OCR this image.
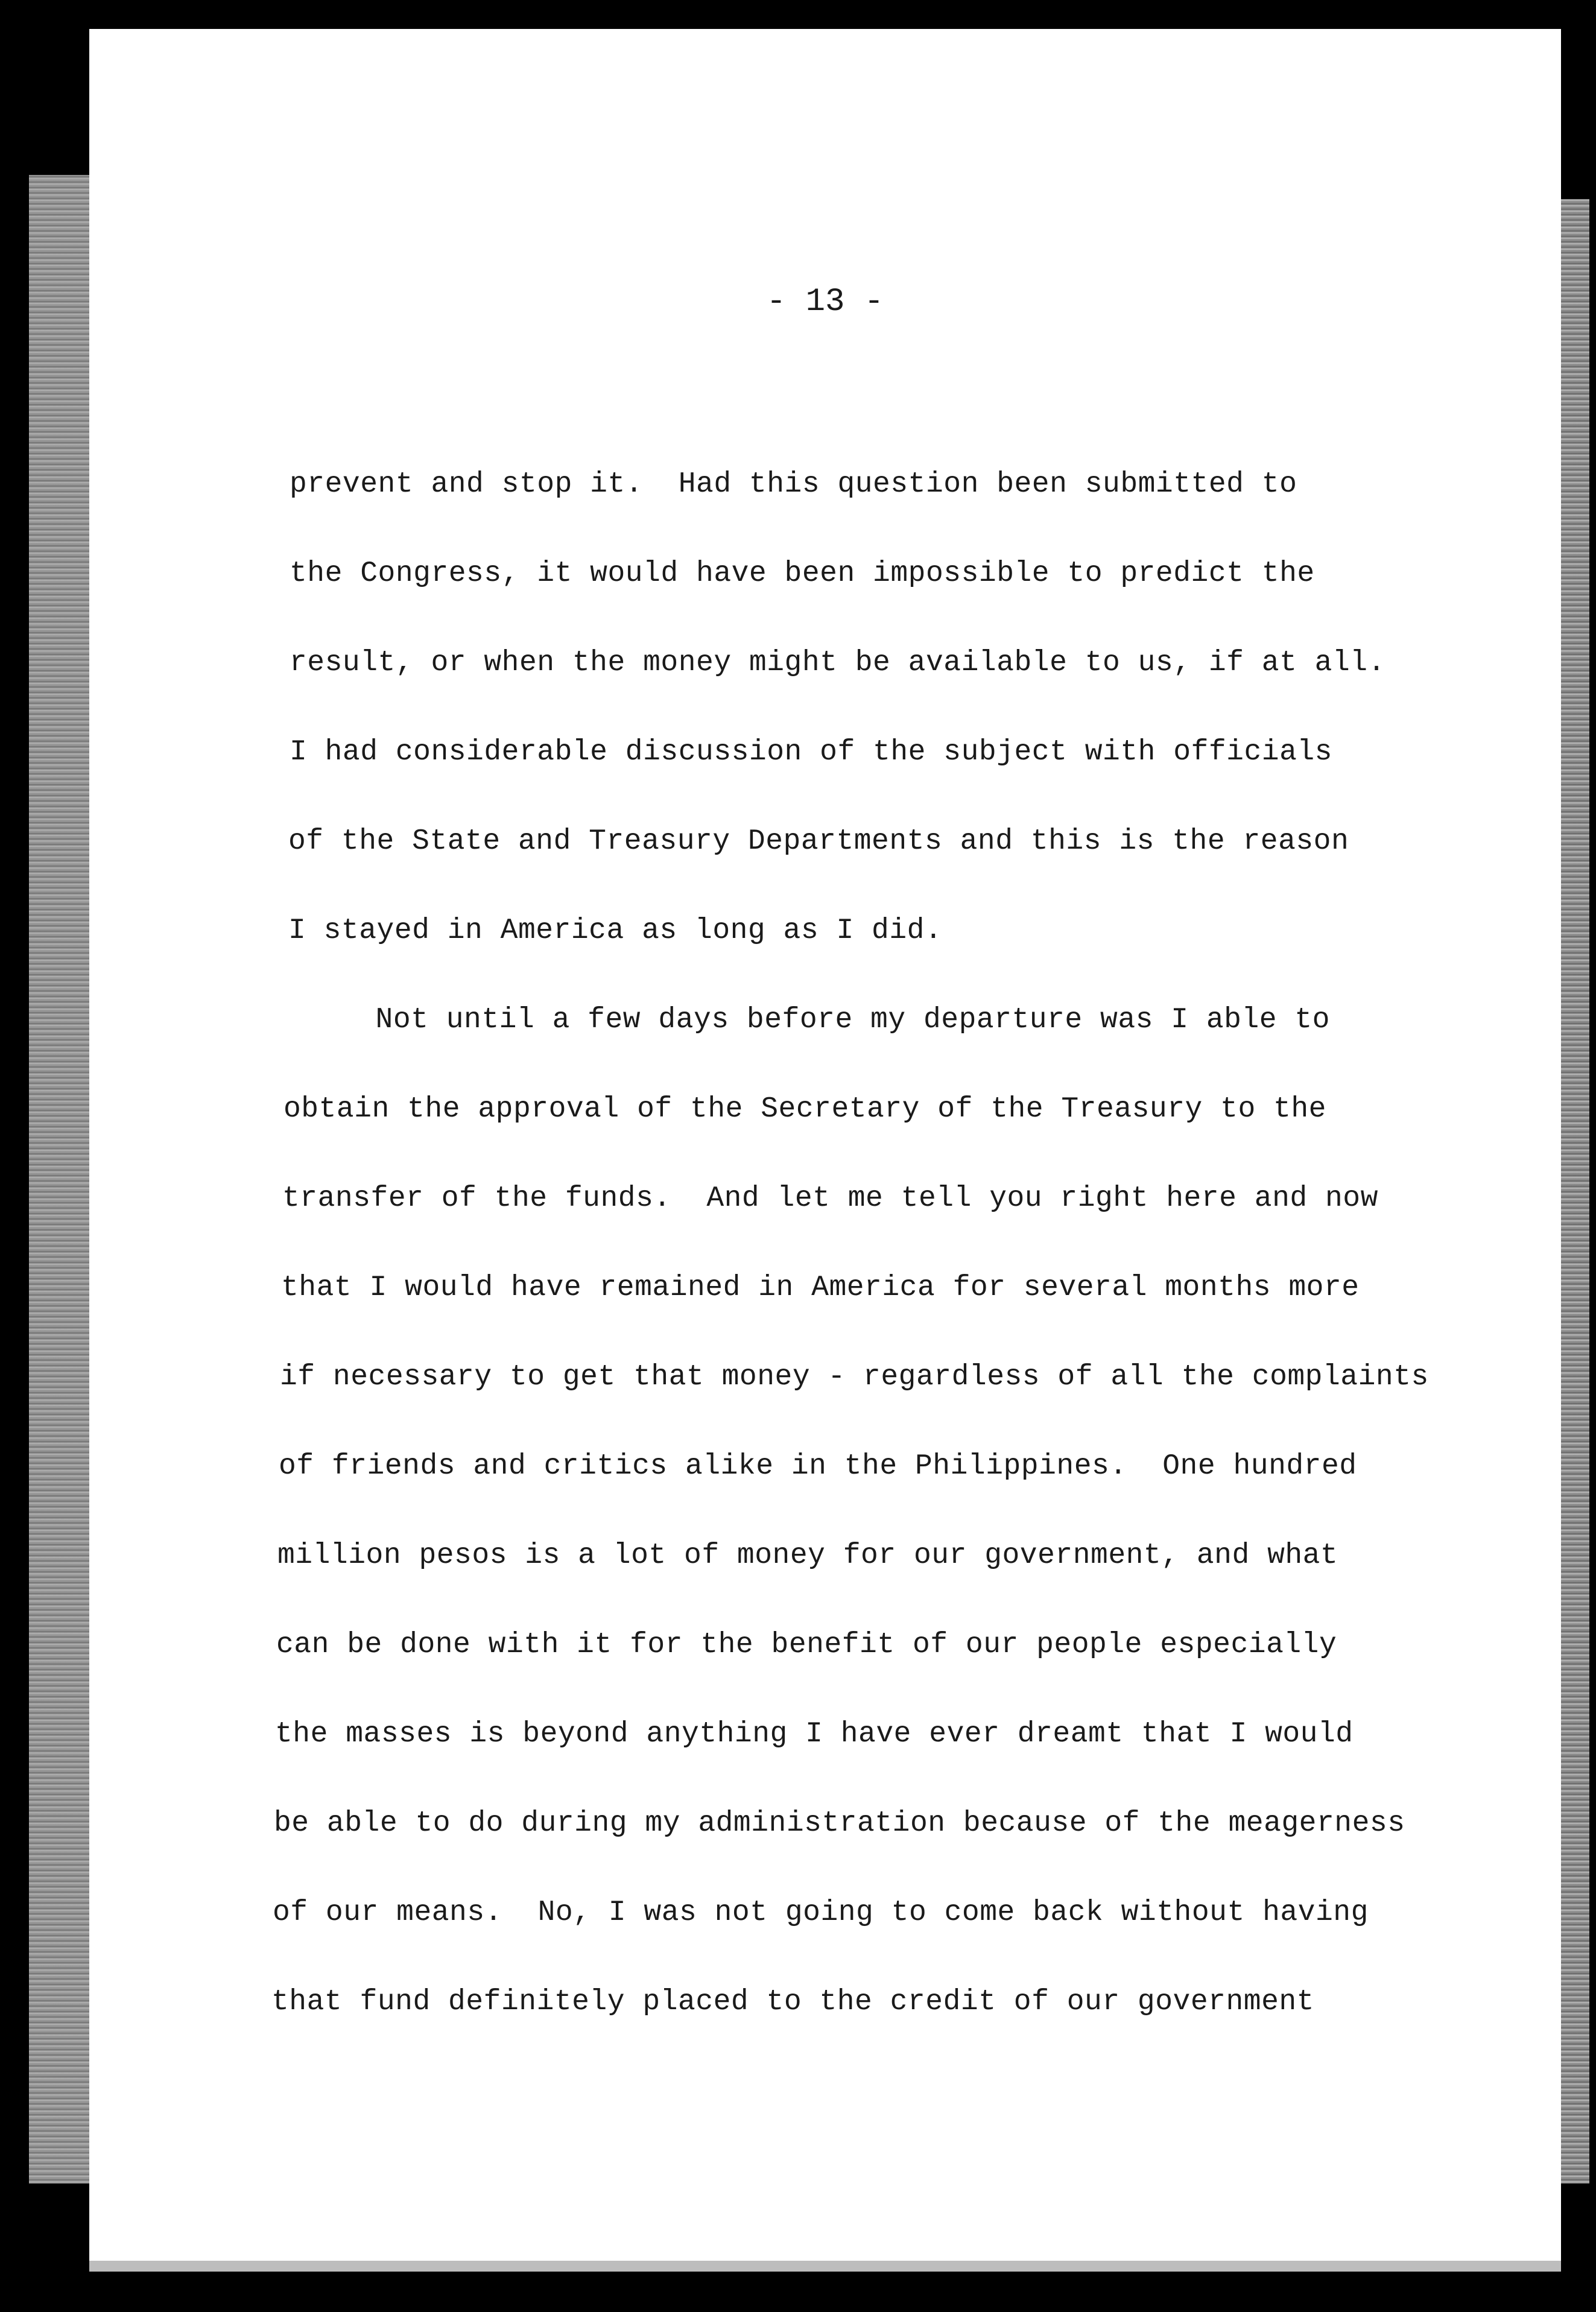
- 13 -
prevent and stop it.  Had this question been submitted to
the Congress, it would have been impossible to predict the
result, or when the money might be available to us, if at all.
I had considerable discussion of the subject with officials
of the State and Treasury Departments and this is the reason
I stayed in America as long as I did.
Not until a few days before my departure was I able to
obtain the approval of the Secretary of the Treasury to the
transfer of the funds.  And let me tell you right here and now
that I would have remained in America for several months more
if necessary to get that money - regardless of all the complaints
of friends and critics alike in the Philippines.  One hundred
million pesos is a lot of money for our government, and what
can be done with it for the benefit of our people especially
the masses is beyond anything I have ever dreamt that I would
be able to do during my administration because of the meagerness
of our means.  No, I was not going to come back without having
that fund definitely placed to the credit of our government
